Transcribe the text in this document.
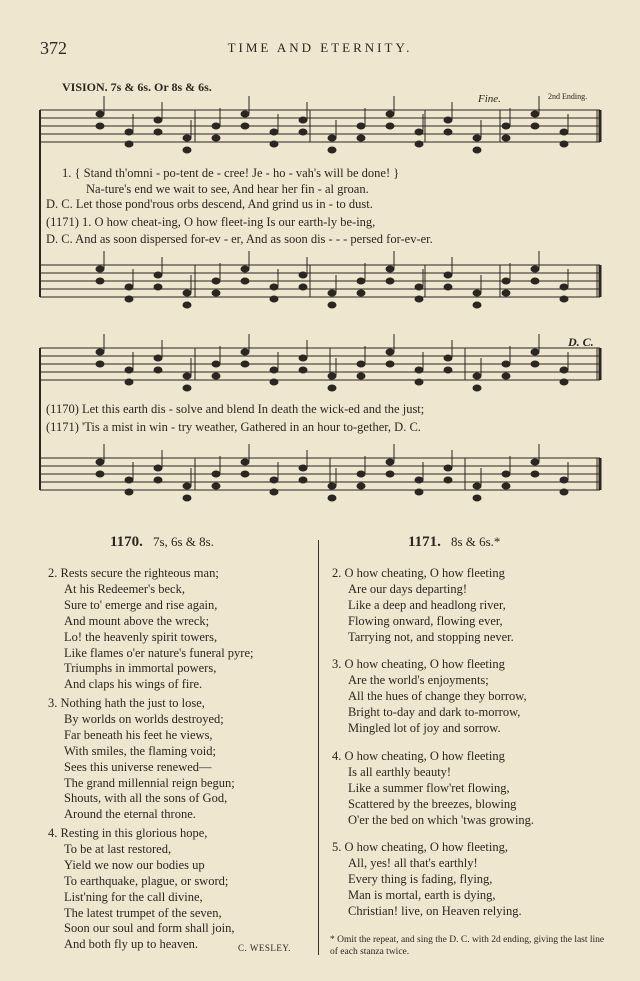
372	TIME AND ETERNITY.
VISION. 7s & 6s. Or 8s & 6s.
Fine.	2nd Ending.
D. C.
1. { Stand th'omni - po-tent de - cree! Je - ho - vah's will be done! }
Na-ture's end we wait to see, And hear her fin - al groan.
D. C. Let those pond'rous orbs descend, And grind us in - to dust.
(1171) 1. O how cheat-ing, O how fleet-ing Is our earth-ly be-ing,
D. C. And as soon dispersed for-ev - er, And as soon dis - - - persed for-ev-er.
(1170) Let this earth dis - solve and blend In death the wick-ed and the just;
(1171) 'Tis a mist in win - try weather, Gathered in an hour to-gether, D. C.
1170. 7s, 6s & 8s.
2. Rests secure the righteous man;
At his Redeemer's beck,
Sure to' emerge and rise again,
And mount above the wreck;
Lo! the heavenly spirit towers,
Like flames o'er nature's funeral pyre;
Triumphs in immortal powers,
And claps his wings of fire.
3. Nothing hath the just to lose,
By worlds on worlds destroyed;
Far beneath his feet he views,
With smiles, the flaming void;
Sees this universe renewed—
The grand millennial reign begun;
Shouts, with all the sons of God,
Around the eternal throne.
4. Resting in this glorious hope,
To be at last restored,
Yield we now our bodies up
To earthquake, plague, or sword;
List'ning for the call divine,
The latest trumpet of the seven,
Soon our soul and form shall join,
And both fly up to heaven.	C. WESLEY.
1171. 8s & 6s.*
2. O how cheating, O how fleeting
Are our days departing!
Like a deep and headlong river,
Flowing onward, flowing ever,
Tarrying not, and stopping never.
3. O how cheating, O how fleeting
Are the world's enjoyments;
All the hues of change they borrow,
Bright to-day and dark to-morrow,
Mingled lot of joy and sorrow.
4. O how cheating, O how fleeting
Is all earthly beauty!
Like a summer flow'ret flowing,
Scattered by the breezes, blowing
O'er the bed on which 'twas growing.
5. O how cheating, O how fleeting,
All, yes! all that's earthly!
Every thing is fading, flying,
Man is mortal, earth is dying,
Christian! live, on Heaven relying.
* Omit the repeat, and sing the D. C. with 2d ending, giving the last line of each stanza twice.
